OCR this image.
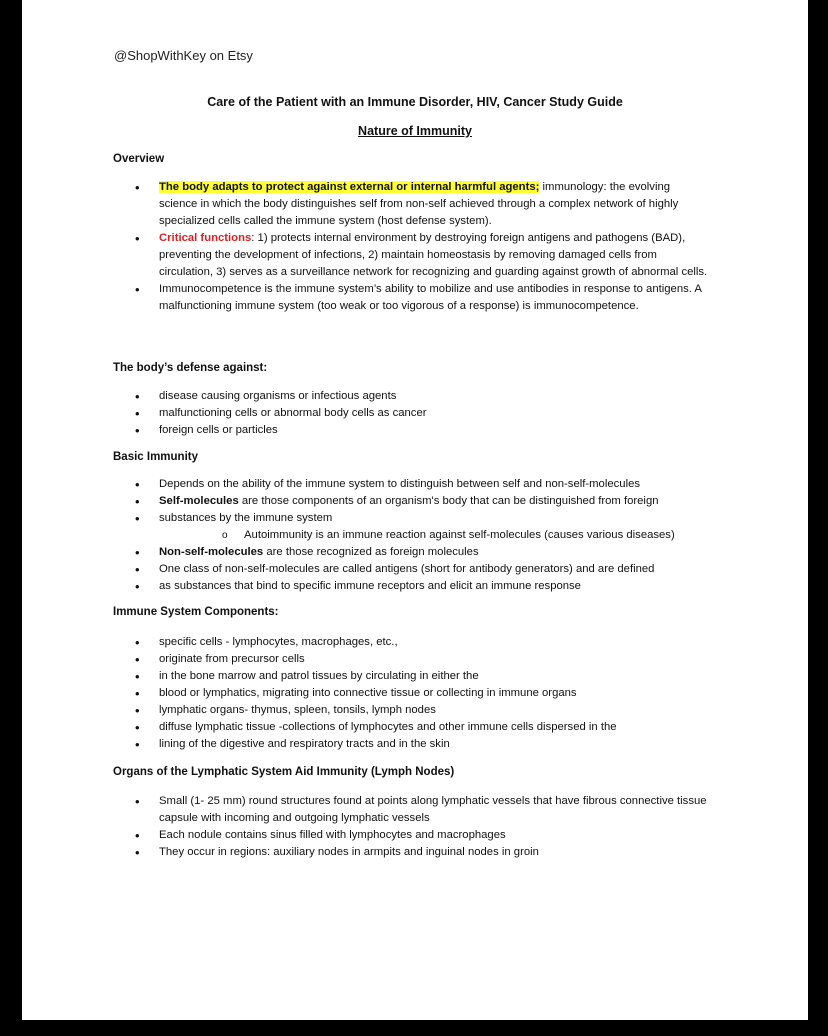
@ShopWithKey on Etsy
Care of the Patient with an Immune Disorder, HIV, Cancer Study Guide
Nature of Immunity
Overview
• The body adapts to protect against external or internal harmful agents; immunology: the evolving science in which the body distinguishes self from non-self achieved through a complex network of highly specialized cells called the immune system (host defense system).
• Critical functions: 1) protects internal environment by destroying foreign antigens and pathogens (BAD), preventing the development of infections, 2) maintain homeostasis by removing damaged cells from circulation, 3) serves as a surveillance network for recognizing and guarding against growth of abnormal cells.
• Immunocompetence is the immune system’s ability to mobilize and use antibodies in response to antigens. A malfunctioning immune system (too weak or too vigorous of a response) is immunocompetence.
The body’s defense against:
• disease causing organisms or infectious agents
• malfunctioning cells or abnormal body cells as cancer
• foreign cells or particles
Basic Immunity
• Depends on the ability of the immune system to distinguish between self and non-self-molecules
• Self-molecules are those components of an organism's body that can be distinguished from foreign
• substances by the immune system
o Autoimmunity is an immune reaction against self-molecules (causes various diseases)
• Non-self-molecules are those recognized as foreign molecules
• One class of non-self-molecules are called antigens (short for antibody generators) and are defined
• as substances that bind to specific immune receptors and elicit an immune response
Immune System Components:
• specific cells - lymphocytes, macrophages, etc.,
• originate from precursor cells
• in the bone marrow and patrol tissues by circulating in either the
• blood or lymphatics, migrating into connective tissue or collecting in immune organs
• lymphatic organs- thymus, spleen, tonsils, lymph nodes
• diffuse lymphatic tissue -collections of lymphocytes and other immune cells dispersed in the
• lining of the digestive and respiratory tracts and in the skin
Organs of the Lymphatic System Aid Immunity (Lymph Nodes)
• Small (1- 25 mm) round structures found at points along lymphatic vessels that have fibrous connective tissue capsule with incoming and outgoing lymphatic vessels
• Each nodule contains sinus filled with lymphocytes and macrophages
• They occur in regions: auxiliary nodes in armpits and inguinal nodes in groin
